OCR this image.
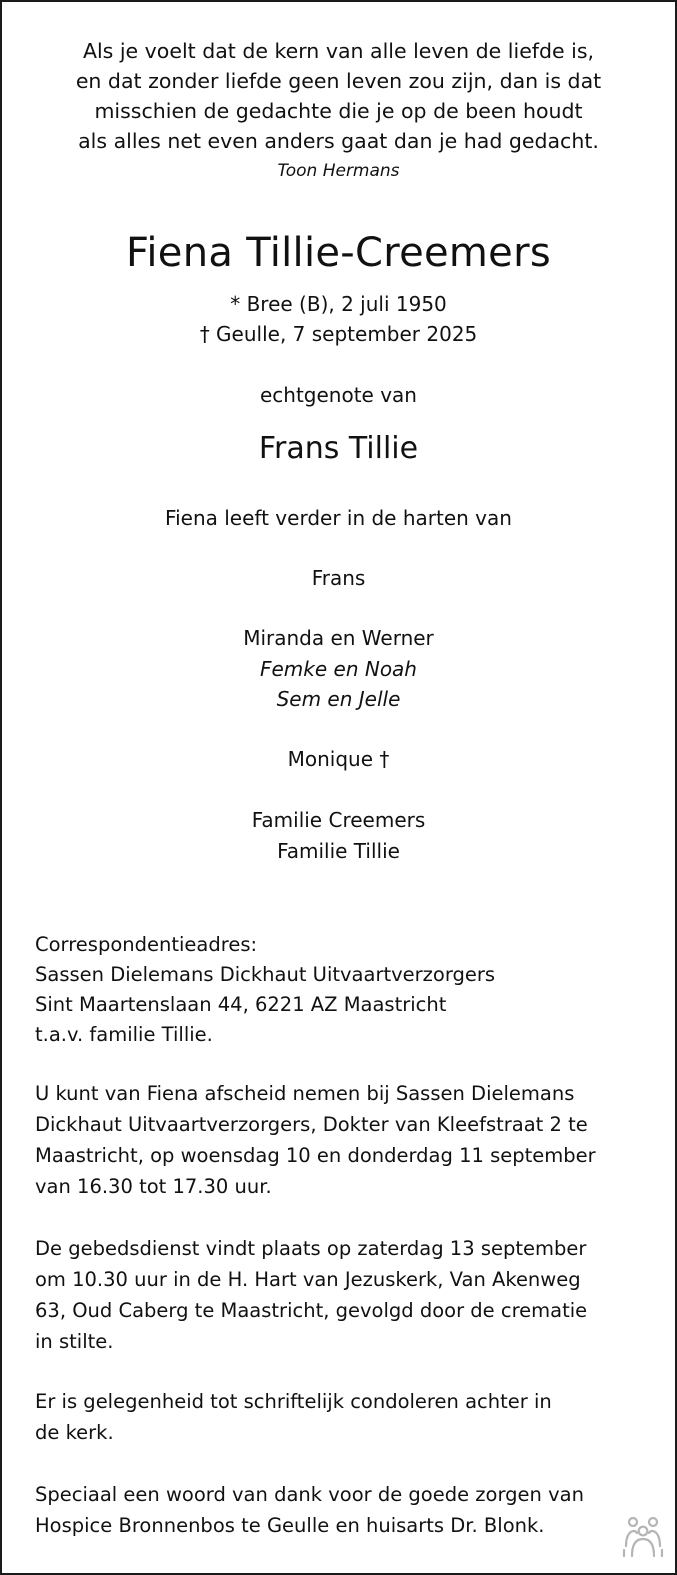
Als je voelt dat de kern van alle leven de liefde is,
en dat zonder liefde geen leven zou zijn, dan is dat
misschien de gedachte die je op de been houdt
als alles net even anders gaat dan je had gedacht.
Toon Hermans
Fiena Tillie-Creemers
* Bree (B), 2 juli 1950
† Geulle, 7 september 2025
echtgenote van
Frans Tillie
Fiena leeft verder in de harten van
Frans
Miranda en Werner
Femke en Noah
Sem en Jelle
Monique †
Familie Creemers
Familie Tillie
Correspondentieadres:
Sassen Dielemans Dickhaut Uitvaartverzorgers
Sint Maartenslaan 44, 6221 AZ Maastricht
t.a.v. familie Tillie.
U kunt van Fiena afscheid nemen bij Sassen Dielemans
Dickhaut Uitvaartverzorgers, Dokter van Kleefstraat 2 te
Maastricht, op woensdag 10 en donderdag 11 september
van 16.30 tot 17.30 uur.
De gebedsdienst vindt plaats op zaterdag 13 september
om 10.30 uur in de H. Hart van Jezuskerk, Van Akenweg
63, Oud Caberg te Maastricht, gevolgd door de crematie
in stilte.
Er is gelegenheid tot schriftelijk condoleren achter in
de kerk.
Speciaal een woord van dank voor de goede zorgen van
Hospice Bronnenbos te Geulle en huisarts Dr. Blonk.
